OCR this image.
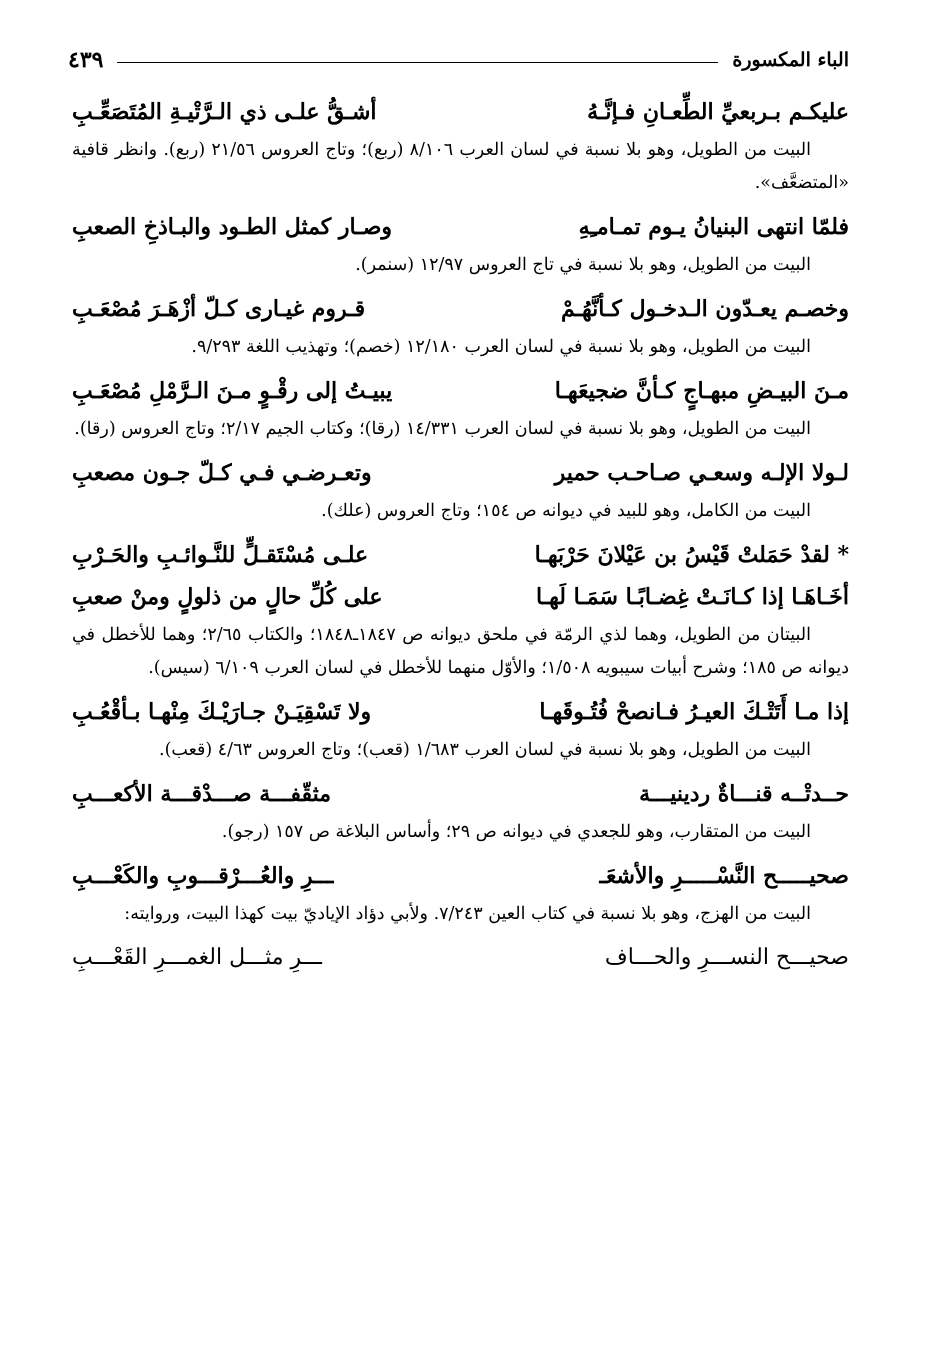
الباء المكسورة
٤٣٩
عليكـم بـربعيِّ الطِّعـانِ فـإنَّـهُ
أشـقُّ علـى ذي الـرَّتْيـةِ المُتَصَعِّـبِ

البيت من الطويل، وهو بلا نسبة في لسان العرب ٨/١٠٦ (ربع)؛ وتاج العروس ٢١/٥٦ (ربع). وانظر قافية «المتضعَّف».

فلمّا انتهى البنيانُ يـوم تمـامـِهِ
وصـار كمثل الطـود والبـاذخِ الصعبِ

البيت من الطويل، وهو بلا نسبة في تاج العروس ١٢/٩٧ (سنمر).

وخصـم يعـدّون الـدخـول كـأنَّهُـمْ
قـروم غيـارى كـلّ أزْهَـرَ مُصْعَـبِ

البيت من الطويل، وهو بلا نسبة في لسان العرب ١٢/١٨٠ (خصم)؛ وتهذيب اللغة ٩/٢٩٣.

مـنَ البيـضِ مبهـاجٍ كـأنَّ ضجيعَهـا
يبيـتُ إلى رقْـوٍ مـنَ الـرَّمْلِ مُصْعَـبِ

البيت من الطويل، وهو بلا نسبة في لسان العرب ١٤/٣٣١ (رقا)؛ وكتاب الجيم ٢/١٧؛ وتاج العروس (رقا).

لـولا الإلـه وسعـي صـاحـب حمير
وتعـرضـي فـي كـلّ جـون مصعبِ

البيت من الكامل، وهو للبيد في ديوانه ص ١٥٤؛ وتاج العروس (علك).

* لقدْ حَمَلتْ قَيْسُ بن عَيْلانَ حَرْبَهـا
علـى مُسْتَقـلٍّ للنَّـوائـبِ والحَـرْبِ
أخَـاهَـا إذا كـانَـتْ غِضـابًـا سَمَـا لَهـا
على كُلِّ حالٍ من ذلولٍ ومنْ صعبِ

البيتان من الطويل، وهما لذي الرمّة في ملحق ديوانه ص ١٨٤٧ـ١٨٤٨؛ والكتاب ٢/٦٥؛ وهما للأخطل في ديوانه ص ١٨٥؛ وشرح أبيات سيبويه ١/٥٠٨؛ والأوّل منهما للأخطل في لسان العرب ٦/١٠٩ (سيس).

إذا مـا أَتَتْـكَ العيـرُ فـانصحْ فُتُـوقَهـا
ولا تَسْقِيَـنْ جـارَيْـكَ مِنْهـا بـأقْعُـبِ

البيت من الطويل، وهو بلا نسبة في لسان العرب ١/٦٨٣ (قعب)؛ وتاج العروس ٤/٦٣ (قعب).

حــدتْــه قنـــاةٌ ردينيـــة
مثقّفـــة صـــدْقـــة الأكعـــبِ

البيت من المتقارب، وهو للجعدي في ديوانه ص ٢٩؛ وأساس البلاغة ص ١٥٧ (رجو).

صحيـــــح النَّسْـــــرِ والأشعَـ
ـــرِ والعُـــرْقـــوبِ والكَعْـــبِ

البيت من الهزج، وهو بلا نسبة في كتاب العين ٧/٢٤٣. ولأبي دؤاد الإياديّ بيت كهذا البيت، وروايته:

صحيـــح النســـرِ والحـــاف
ـــرِ مثـــل الغمـــرِ القَعْـــبِ
